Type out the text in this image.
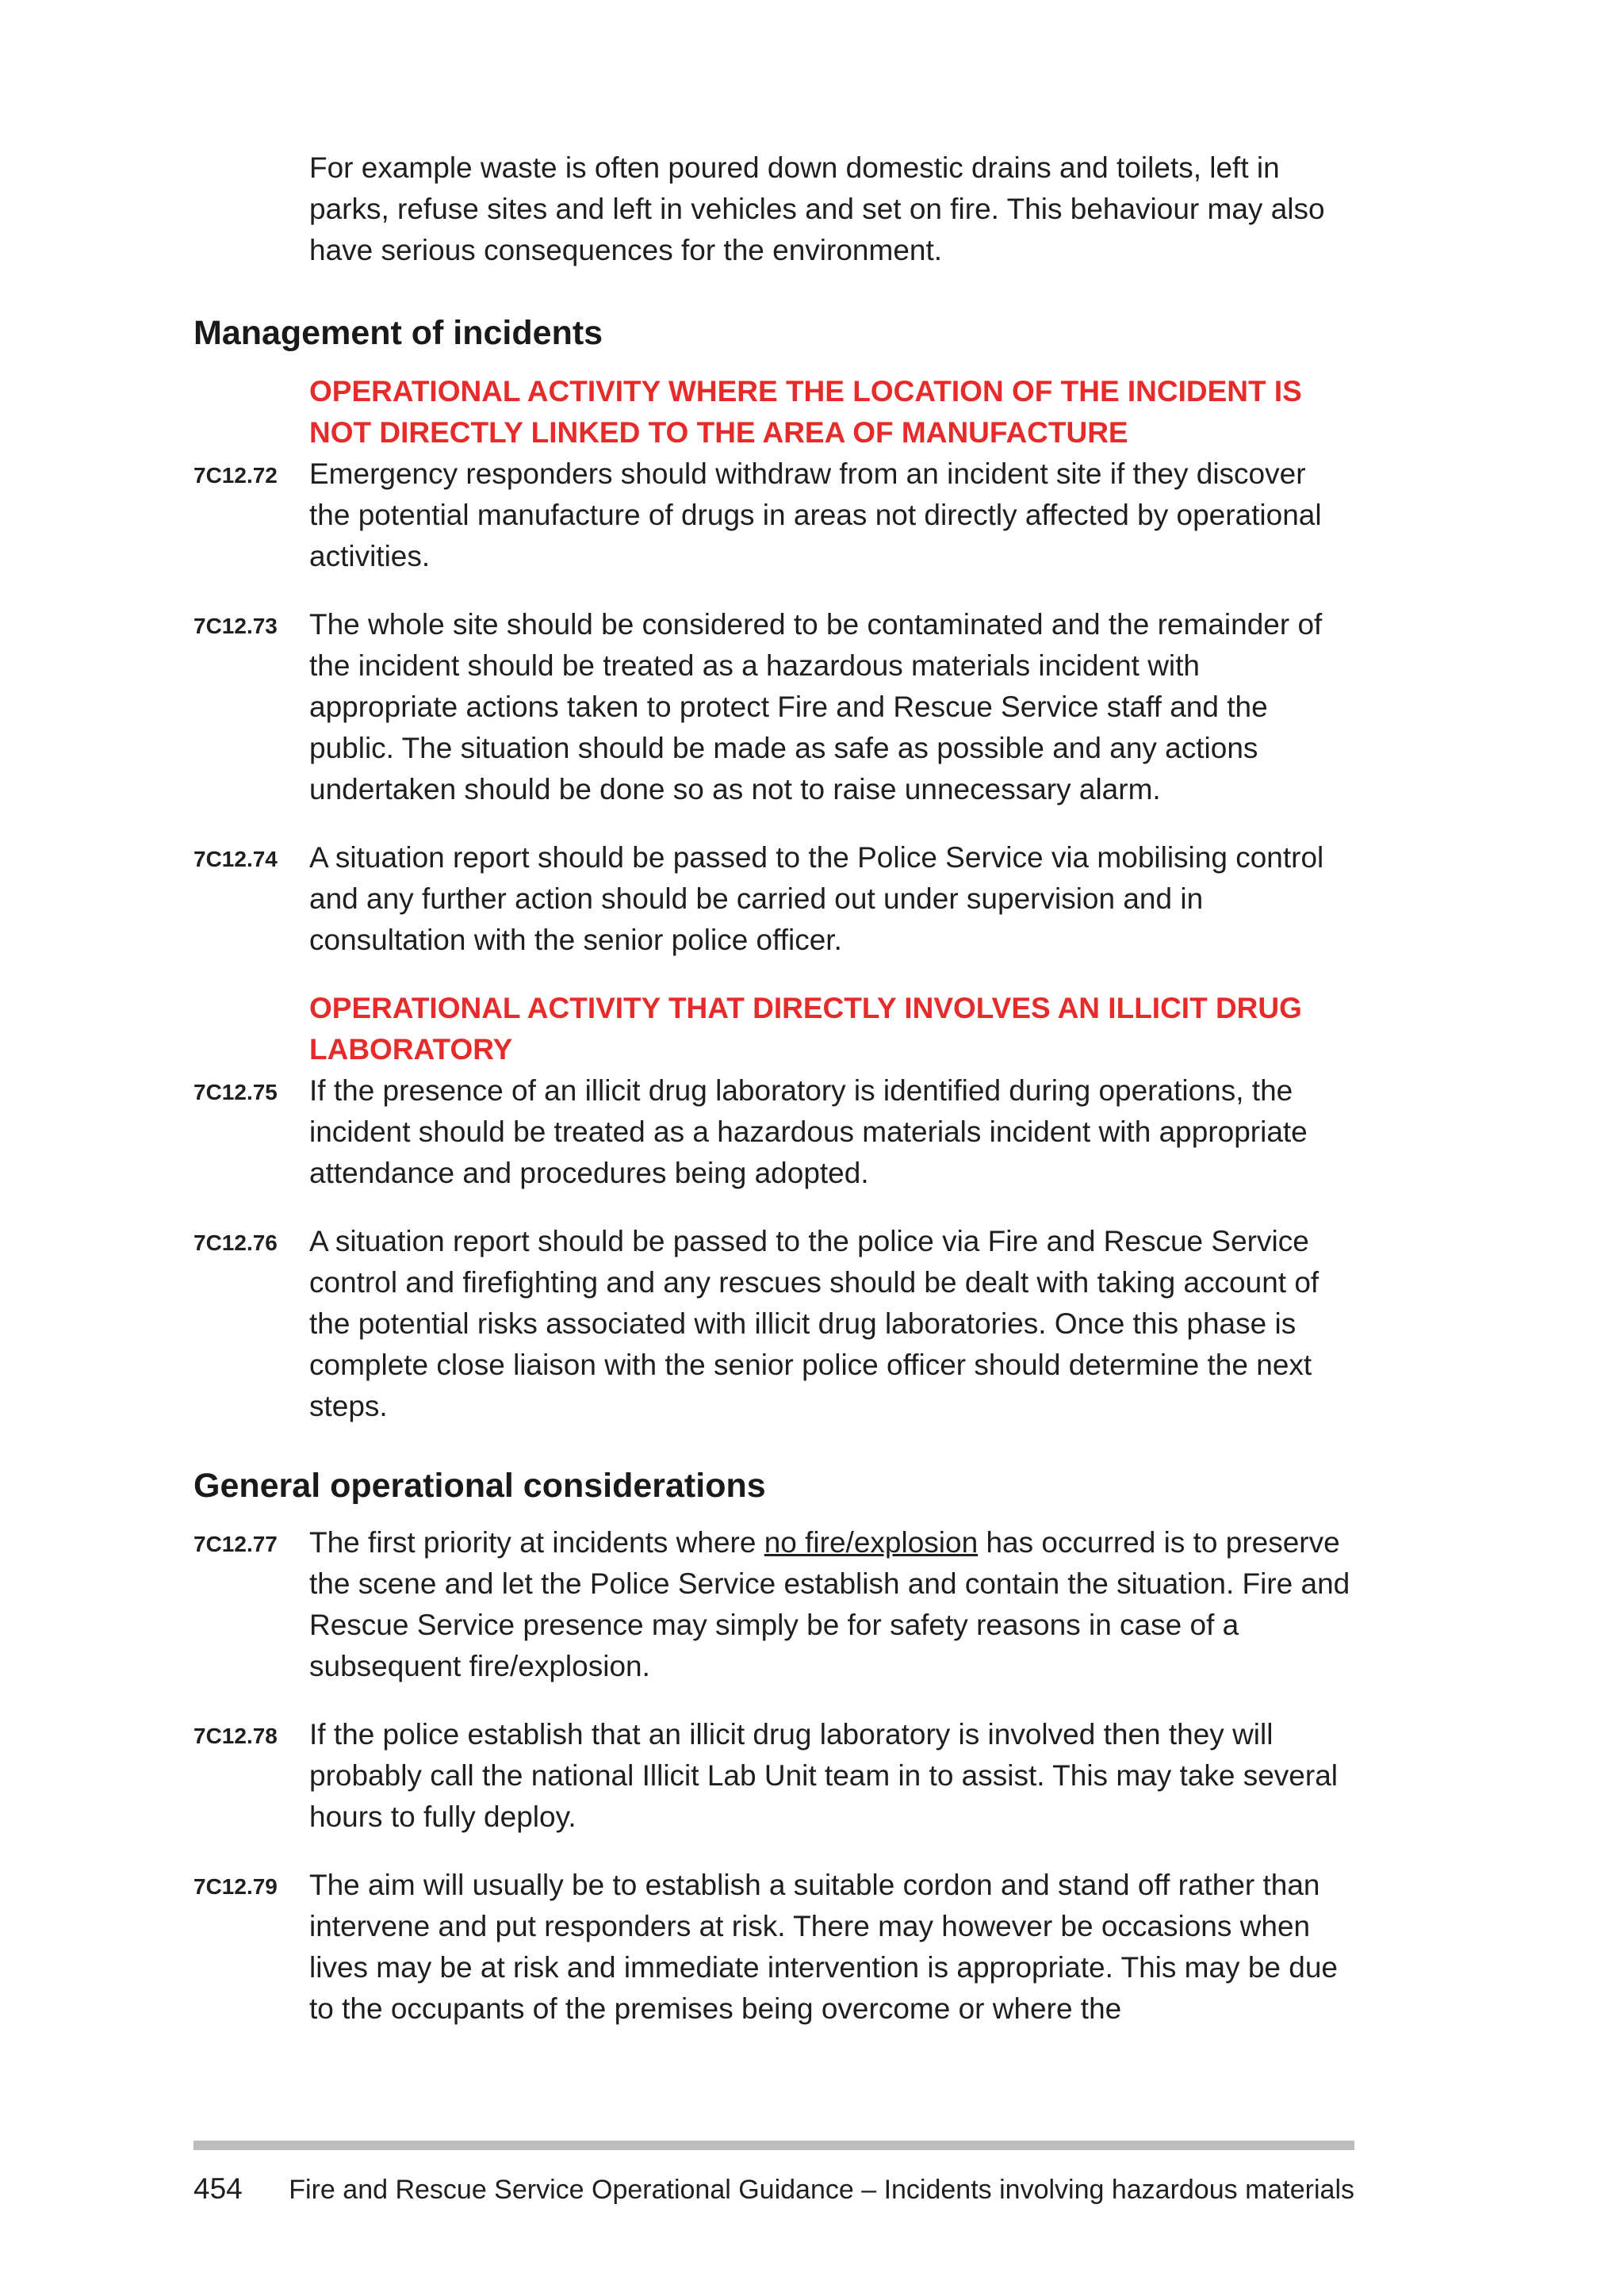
For example waste is often poured down domestic drains and toilets, left in parks, refuse sites and left in vehicles and set on fire. This behaviour may also have serious consequences for the environment.

Management of incidents

OPERATIONAL ACTIVITY WHERE THE LOCATION OF THE INCIDENT IS NOT DIRECTLY LINKED TO THE AREA OF MANUFACTURE

7C12.72	Emergency responders should withdraw from an incident site if they discover the potential manufacture of drugs in areas not directly affected by operational activities.
7C12.73	The whole site should be considered to be contaminated and the remainder of the incident should be treated as a hazardous materials incident with appropriate actions taken to protect Fire and Rescue Service staff and the public. The situation should be made as safe as possible and any actions undertaken should be done so as not to raise unnecessary alarm.
7C12.74	A situation report should be passed to the Police Service via mobilising control and any further action should be carried out under supervision and in consultation with the senior police officer.

OPERATIONAL ACTIVITY THAT DIRECTLY INVOLVES AN ILLICIT DRUG LABORATORY

7C12.75	If the presence of an illicit drug laboratory is identified during operations, the incident should be treated as a hazardous materials incident with appropriate attendance and procedures being adopted.
7C12.76	A situation report should be passed to the police via Fire and Rescue Service control and firefighting and any rescues should be dealt with taking account of the potential risks associated with illicit drug laboratories. Once this phase is complete close liaison with the senior police officer should determine the next steps.
General operational considerations
7C12.77	The first priority at incidents where no fire/explosion has occurred is to preserve the scene and let the Police Service establish and contain the situation. Fire and Rescue Service presence may simply be for safety reasons in case of a subsequent fire/explosion.
7C12.78	If the police establish that an illicit drug laboratory is involved then they will probably call the national Illicit Lab Unit team in to assist. This may take several hours to fully deploy.
7C12.79	The aim will usually be to establish a suitable cordon and stand off rather than intervene and put responders at risk. There may however be occasions when lives may be at risk and immediate intervention is appropriate. This may be due to the occupants of the premises being overcome or where the
454 Fire and Rescue Service Operational Guidance – Incidents involving hazardous materials
